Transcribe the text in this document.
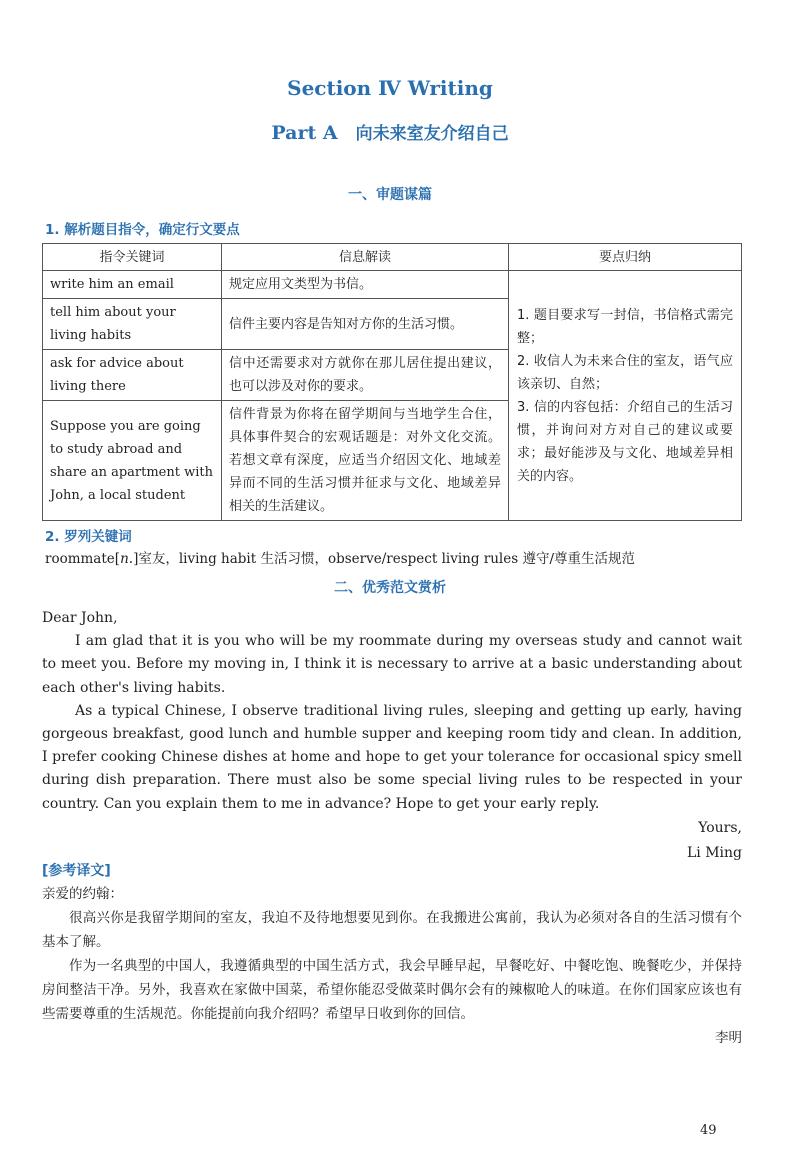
Section Ⅳ Writing
Part A 向未来室友介绍自己
一、审题谋篇
1. 解析题目指令，确定行文要点
指令关键词	信息解读	要点归纳
write him an email	规定应用文类型为书信。	1. 题目要求写一封信，书信格式需完整；
2. 收信人为未来合住的室友，语气应该亲切、自然；
3. 信的内容包括：介绍自己的生活习惯，并询问对方对自己的建议或要求；最好能涉及与文化、地域差异相关的内容。

tell him about your living habits	信件主要内容是告知对方你的生活习惯。	
ask for advice about living there	信中还需要求对方就你在那儿居住提出建议，也可以涉及对你的要求。	
Suppose you are going to study abroad and share an apartment with John, a local student	信件背景为你将在留学期间与当地学生合住，具体事件契合的宏观话题是：对外文化交流。若想文章有深度，应适当介绍因文化、地域差异而不同的生活习惯并征求与文化、地域差异相关的生活建议。	
2. 罗列关键词
roommate[n.]室友，living habit 生活习惯，observe/respect living rules 遵守/尊重生活规范
二、优秀范文赏析

Dear John,

I am glad that it is you who will be my roommate during my overseas study and cannot wait to meet you. Before my moving in, I think it is necessary to arrive at a basic understanding about each other's living habits.

As a typical Chinese, I observe traditional living rules, sleeping and getting up early, having gorgeous breakfast, good lunch and humble supper and keeping room tidy and clean. In addition, I prefer cooking Chinese dishes at home and hope to get your tolerance for occasional spicy smell during dish preparation. There must also be some special living rules to be respected in your country. Can you explain them to me in advance? Hope to get your early reply.

Yours,
Li Ming
[参考译文]

亲爱的约翰：

很高兴你是我留学期间的室友，我迫不及待地想要见到你。在我搬进公寓前，我认为必须对各自的生活习惯有个基本了解。

作为一名典型的中国人，我遵循典型的中国生活方式，我会早睡早起，早餐吃好、中餐吃饱、晚餐吃少，并保持房间整洁干净。另外，我喜欢在家做中国菜，希望你能忍受做菜时偶尔会有的辣椒呛人的味道。在你们国家应该也有些需要尊重的生活规范。你能提前向我介绍吗？希望早日收到你的回信。

李明

49
